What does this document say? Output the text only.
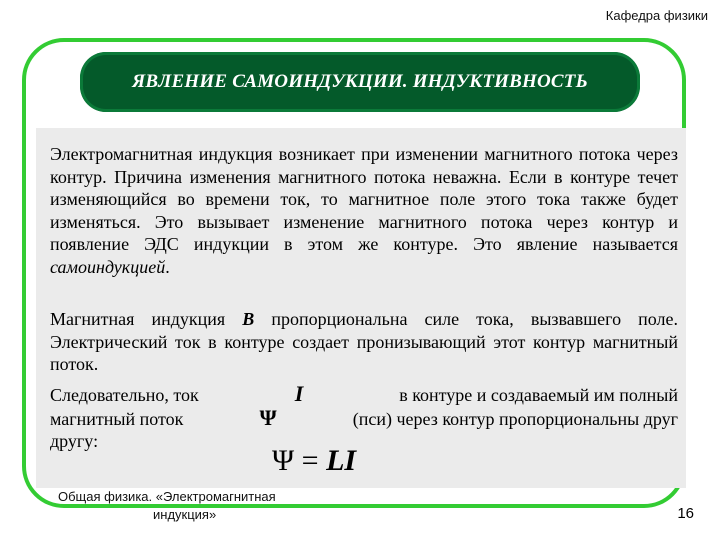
Кафедра физики
ЯВЛЕНИЕ САМОИНДУКЦИИ. ИНДУКТИВНОСТЬ
Электромагнитная индукция возникает при изменении магнитного потока через контур. Причина изменения магнитного потока неважна. Если в контуре течет изменяющийся во времени ток, то магнитное поле этого тока также будет изменяться. Это вызывает изменение магнитного потока через контур и появление ЭДС индукции в этом же контуре. Это явление называется самоиндукцией.
Магнитная индукция B пропорциональна силе тока, вызвавшего поле. Электрический ток в контуре создает пронизывающий этот контур магнитный поток.
Следовательно, ток	I	в контуре и создаваемый им полный
магнитный поток	Ψ	(пси) через контур пропорциональны друг
другу:
Ψ = LI
Общая физика. «Электромагнитная
индукция»	16
